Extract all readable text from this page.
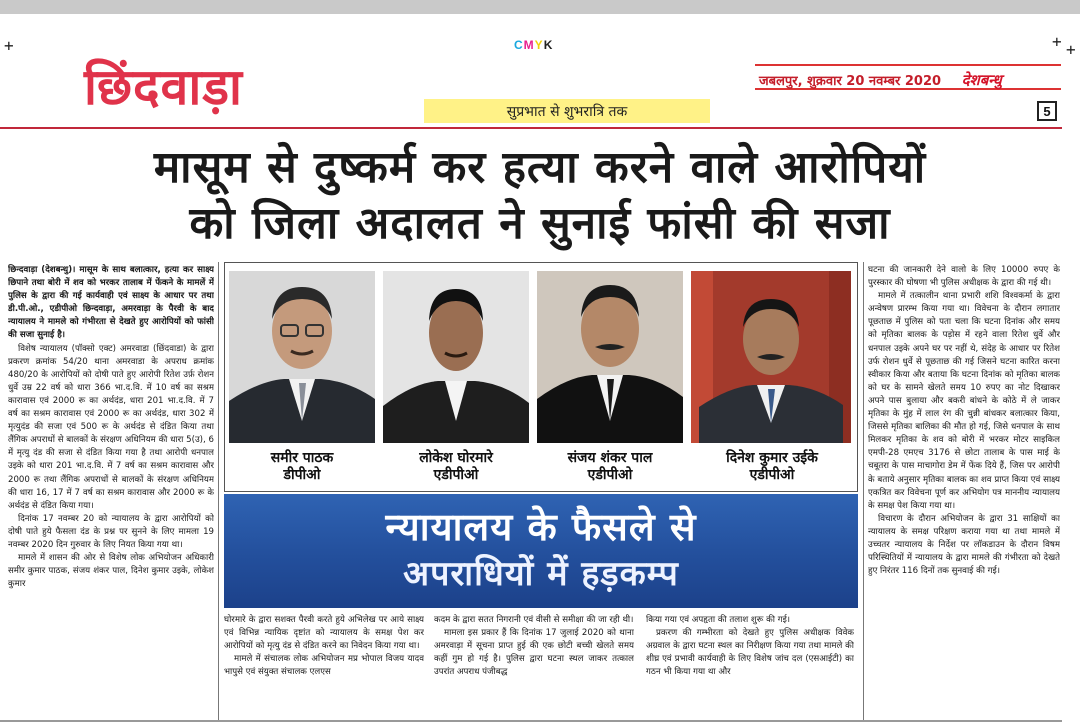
+	+ +
CMYK
छिंदवाड़ा	जबलपुर, शुक्रवार 20 नवम्बर 2020 देशबन्धु
सुप्रभात से शुभरात्रि तक	5
मासूम से दुष्कर्म कर हत्या करने वाले आरोपियों
को जिला अदालत ने सुनाई फांसी की सजा

छिन्दवाड़ा (देशबन्धु)। मासूम के साथ बलात्कार, हत्या कर साक्ष्य छिपाने तथा बोरी में शव को भरकर तालाब में फेंकने के मामलें में पुलिस के द्वारा की गई कार्यवाही एवं साक्ष्य के आधार पर तथा डी.पी.ओ., एडीपीओ छिन्दवाड़ा, अमरवाड़ा के पैरवी के बाद न्यायालय ने मामले को गंभीरता से देखते हुए आरोपियों को फांसी की सजा सुनाई है।

विशेष न्यायालय (पॉक्सो एक्ट) अमरवाडा (छिंदवाडा) के द्वारा प्रकरण क्रमांक 54/20 थाना अमरवाडा के अपराध क्रमांक 480/20 के आरोपियों को दोषी पाते हुए आरोपी रितेश उर्फ़ रोशन धुर्वे उम्र 22 वर्ष को धारा 366 भा.द.वि. में 10 वर्ष का सश्रम कारावास एवं 2000 रू का अर्थदंड, धारा 201 भा.द.वि. में 7 वर्ष का सश्रम कारावास एवं 2000 रू का अर्थदंड, धारा 302 में मृत्युदंड की सजा एवं 500 रू के अर्थदंड से दंडित किया तथा लैंगिक अपराधों से बालकों के संरक्षण अधिनियम की धारा 5(उ), 6 में मृत्यु दंड की सजा से दंडित किया गया है तथा आरोपी धनपाल उइके को धारा 201 भा.द.वि. में 7 वर्ष का सश्रम कारावास और 2000 रू तथा लैंगिक अपराधों से बालकों के संरक्षण अधिनियम की धारा 16, 17 में 7 वर्ष का सश्रम कारावास और 2000 रू के अर्थदंड से दंडित किया गया।

दिनांक 17 नवम्बर 20 को न्यायालय के द्वारा आरोपियों को दोषी पाते हुये फैसला दंड के प्रश्न पर सुनने के लिए मामला 19 नवम्बर 2020 दिन गुरुवार के लिए नियत किया गया था।

मामले में शासन की ओर से विशेष लोक अभियोजन अधिकारी समीर कुमार पाठक, संजय शंकर पाल, दिनेश कुमार उइके, लोकेश कुमार

समीर पाठक
डीपीओ
लोकेश घोरमारे
एडीपीओ
संजय शंकर पाल
एडीपीओ
दिनेश कुमार उईके
एडीपीओ
न्यायालय के फैसले से
अपराधियों में हड़कम्प

घोरमारे के द्वारा सशक्त पैरवी करते हुये अभिलेख पर आये साक्ष्य एवं विभिन्न न्यायिक दृष्टांत को न्यायालय के समक्ष पेश कर आरोपियों को मृत्यु दंड से दंडित करने का निवेदन किया गया था।

मामले में संचालक लोक अभियोजन मप्र भोपाल विजय यादव भापुसे एवं संयुक्त संचालक एलएस

कदम के द्वारा सतत निगरानी एवं वीसी से समीक्षा की जा रही थी।

मामला इस प्रकार हैं कि दिनांक 17 जुलाई 2020 को थाना अमरवाड़ा में सूचना प्राप्त हुई की एक छोटी बच्ची खेलते समय कहीं गुम हो गई है। पुलिस द्वारा घटना स्थल जाकर तत्काल उपरांत अपराध पंजीबद्ध

किया गया एवं अपहृता की तलाश शुरू की गई।

प्रकरण की गम्भीरता को देखते हुए पुलिस अधीक्षक विवेक अग्रवाल के द्वारा घटना स्थल का निरीक्षण किया गया तथा मामले की शीघ्र एवं प्रभावी कार्यवाही के लिए विशेष जांच दल (एसआईटी) का गठन भी किया गया था और

घटना की जानकारी देने वालो के लिए 10000 रुपए के पुरस्कार की घोषणा भी पुलिस अधीक्षक के द्वारा की गई थी।

मामले में तत्कालीन थाना प्रभारी शशि विश्वकर्मा के द्वारा अन्वेषण प्रारम्भ किया गया था। विवेचना के दौरान लगातार पूछताछ में पुलिस को पता चला कि घटना दिनांक और समय को मृतिका बालक के पड़ोस में रहने वाला रितेश धुर्वे और धनपाल उइके अपने घर पर नहीं थे, संदेह के आधार पर रितेश उर्फ रोशन धुर्वे से पूछताछ की गई जिसने घटना कारित करना स्वीकार किया और बताया कि घटना दिनांक को मृतिका बालक को घर के सामने खेलते समय 10 रुपए का नोट दिखाकर अपने पास बुलाया और बकरी बांधने के कोठे में ले जाकर मृतिका के मुंह में लाल रंग की चुन्नी बांधकर बलात्कार किया, जिससे मृतिका बालिका की मौत हो गई, जिसे धनपाल के साथ मिलकर मृतिका के शव को बोरी में भरकर मोटर साइकिल एमपी-28 एमएच 3176 से छोटा तालाब के पास माई के चबूतरा के पास माचागोरा डेम में फेंक दिये हैं, जिस पर आरोपी के बताये अनुसार मृतिका बालक का शव प्राप्त किया एवं साक्ष्य एकत्रित कर विवेचना पूर्ण कर अभियोग पत्र माननीय न्यायालय के समक्ष पेश किया गया था।

विचारण के दौरान अभियोजन के द्वारा 31 साक्षियों का न्यायालय के समक्ष परिक्षण कराया गया था तथा मामले में उच्चतर न्यायालय के निर्देश पर लॉकडाउन के दौरान विषम परिस्थितियों में न्यायालय के द्वारा मामले की गंभीरता को देखते हुए निरंतर 116 दिनों तक सुनवाई की गई।
